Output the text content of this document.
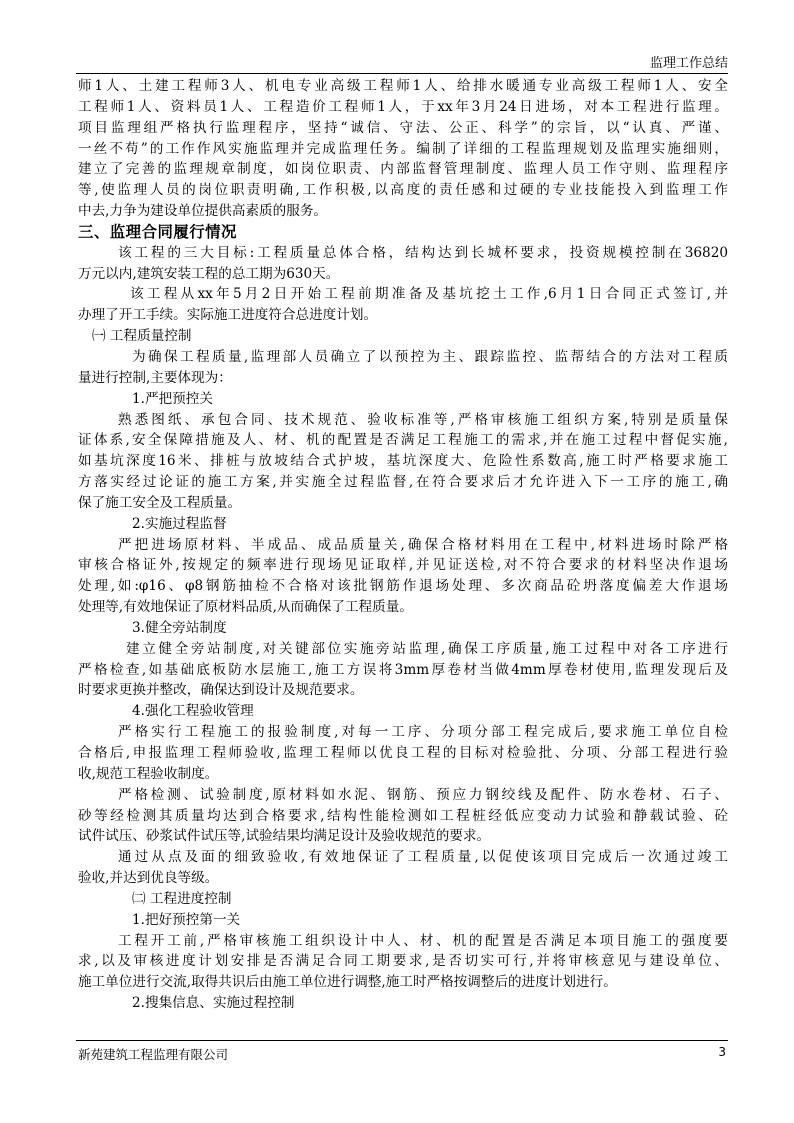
监理工作总结
师1人、土建工程师3人、机电专业高级工程师1人、给排水暖通专业高级工程师1人、安全
工程师1人、资料员1人、工程造价工程师1人，于xx年3月24日进场，对本工程进行监理。
项目监理组严格执行监理程序，坚持“诚信、守法、公正、科学”的宗旨，以“认真、严谨、
一丝不苟”的工作作风实施监理并完成监理任务。编制了详细的工程监理规划及监理实施细则，
建立了完善的监理规章制度，如岗位职责、内部监督管理制度、监理人员工作守则、监理程序
等,使监理人员的岗位职责明确,工作积极,以高度的责任感和过硬的专业技能投入到监理工作
中去,力争为建设单位提供高素质的服务。
三、监理合同履行情况
该工程的三大目标:工程质量总体合格，结构达到长城杯要求，投资规模控制在36820
万元以内,建筑安装工程的总工期为630天。
该工程从xx年5月2日开始工程前期准备及基坑挖土工作,6月1日合同正式签订,并
办理了开工手续。实际施工进度符合总进度计划。
㈠ 工程质量控制
为确保工程质量,监理部人员确立了以预控为主、跟踪监控、监帮结合的方法对工程质
量进行控制,主要体现为：
1.严把预控关
熟悉图纸、承包合同、技术规范、验收标准等,严格审核施工组织方案,特别是质量保
证体系,安全保障措施及人、材、机的配置是否满足工程施工的需求,并在施工过程中督促实施,
如基坑深度16米、排桩与放坡结合式护坡，基坑深度大、危险性系数高,施工时严格要求施工
方落实经过论证的施工方案,并实施全过程监督,在符合要求后才允许进入下一工序的施工,确
保了施工安全及工程质量。
2.实施过程监督
严把进场原材料、半成品、成品质量关,确保合格材料用在工程中,材料进场时除严格
审核合格证外,按规定的频率进行现场见证取样,并见证送检,对不符合要求的材料坚决作退场
处理,如:φ16、φ8钢筋抽检不合格对该批钢筋作退场处理、多次商品砼坍落度偏差大作退场
处理等,有效地保证了原材料品质,从而确保了工程质量。
3.健全旁站制度
建立健全旁站制度,对关键部位实施旁站监理,确保工序质量,施工过程中对各工序进行
严格检查,如基础底板防水层施工,施工方误将3mm厚卷材当做4mm厚卷材使用,监理发现后及
时要求更换并整改，确保达到设计及规范要求。
4.强化工程验收管理
严格实行工程施工的报验制度,对每一工序、分项分部工程完成后,要求施工单位自检
合格后,申报监理工程师验收,监理工程师以优良工程的目标对检验批、分项、分部工程进行验
收,规范工程验收制度。
严格检测、试验制度,原材料如水泥、钢筋、预应力钢绞线及配件、防水卷材、石子、
砂等经检测其质量均达到合格要求,结构性能检测如工程桩经低应变动力试验和静载试验、砼
试件试压、砂浆试件试压等,试验结果均满足设计及验收规范的要求。
通过从点及面的细致验收,有效地保证了工程质量,以促使该项目完成后一次通过竣工
验收,并达到优良等级。
㈡ 工程进度控制
1.把好预控第一关
工程开工前,严格审核施工组织设计中人、材、机的配置是否满足本项目施工的强度要
求,以及审核进度计划安排是否满足合同工期要求,是否切实可行,并将审核意见与建设单位、
施工单位进行交流,取得共识后由施工单位进行调整,施工时严格按调整后的进度计划进行。
2.搜集信息、实施过程控制
新苑建筑工程监理有限公司	3
